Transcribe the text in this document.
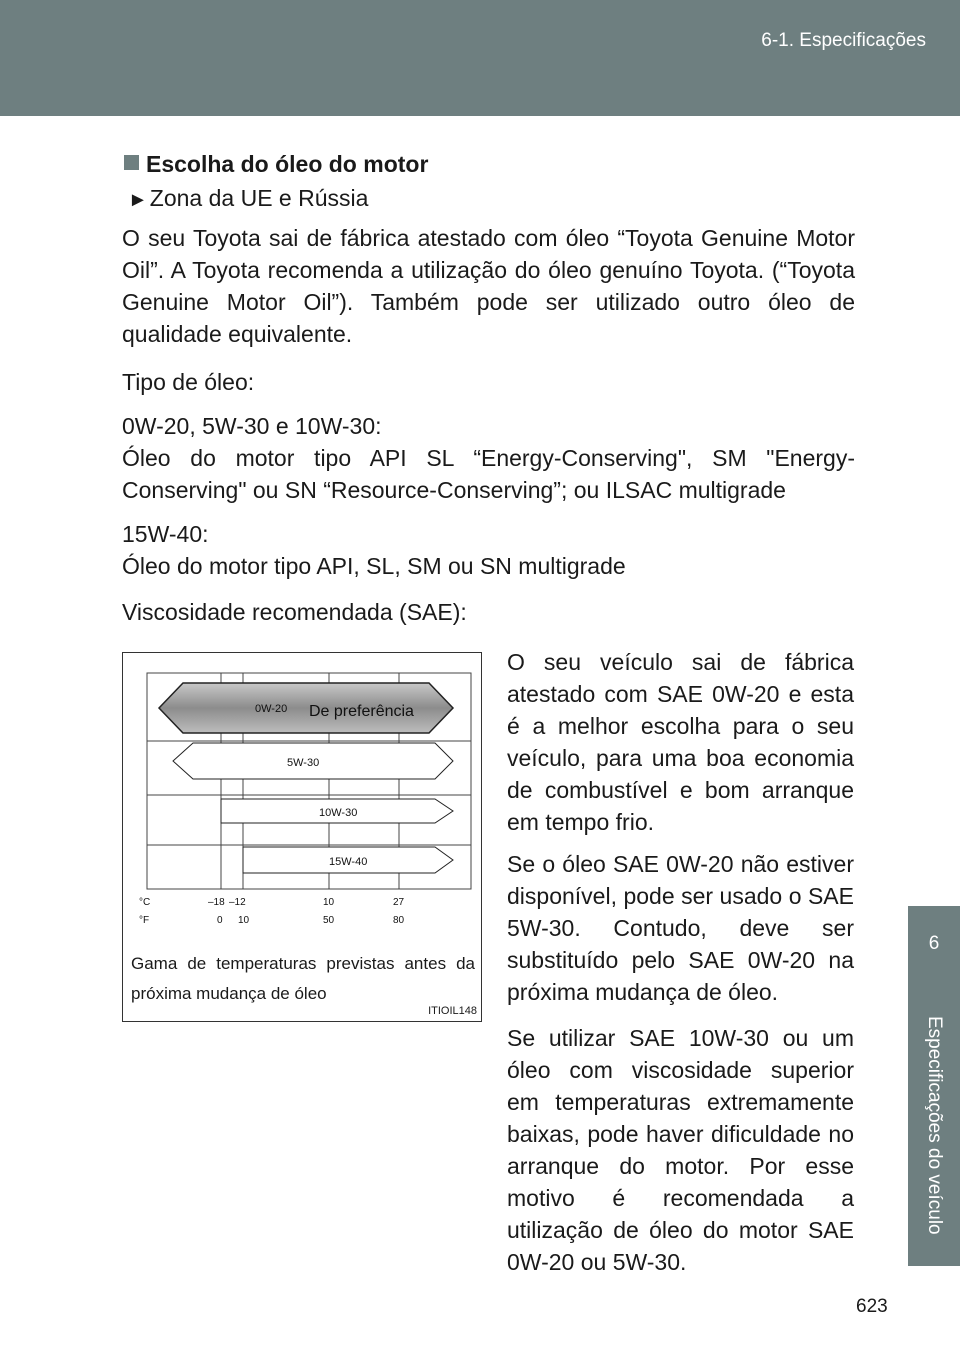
6-1. Especificações
6
Especificações do veículo
Escolha do óleo do motor
►Zona da UE e Rússia
O seu Toyota sai de fábrica atestado com óleo “Toyota Genuine Motor Oil”. A Toyota recomenda a utilização do óleo genuíno Toyota. (“Toyota Genuine Motor Oil”). Também pode ser utilizado outro óleo de qualidade equivalente.
Tipo de óleo:
0W-20, 5W-30 e 10W-30:
Óleo do motor tipo API SL “Energy-Conserving", SM "Energy-Conserving" ou SN “Resource-Conserving”; ou ILSAC multigrade
15W-40:
Óleo do motor tipo API, SL, SM ou SN multigrade
Viscosidade recomendada (SAE):
0W-20 De preferência
5W-30
10W-30
15W-40
°C
°F
–18 –12	10	27
0 10	50	80
Gama de temperaturas previstas antes da próxima mudança de óleo
ITIOIL148
O seu veículo sai de fábrica atestado com SAE 0W-20 e esta é a melhor escolha para o seu veículo, para uma boa economia de combustível e bom arranque em tempo frio.
Se o óleo SAE 0W-20 não estiver disponível, pode ser usado o SAE 5W-30. Contudo, deve ser substituído pelo SAE 0W-20 na próxima mudança de óleo.
Se utilizar SAE 10W-30 ou um óleo com viscosidade superior em temperaturas extremamente baixas, pode haver dificuldade no arranque do motor. Por esse motivo é recomendada a utilização de óleo do motor SAE 0W-20 ou 5W-30.
623
